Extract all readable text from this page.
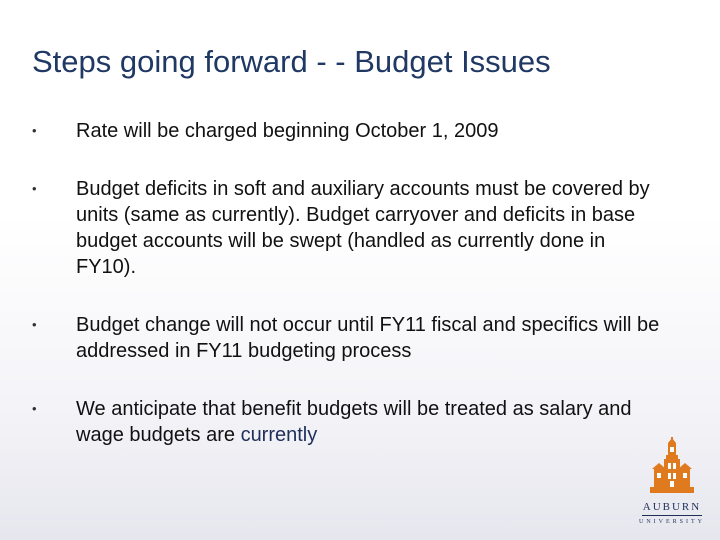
Steps going forward - - Budget Issues
• Rate will be charged beginning October 1, 2009
• Budget deficits in soft and auxiliary accounts must be covered by units (same as currently). Budget carryover and deficits in base budget accounts will be swept (handled as currently done in FY10).
• Budget change will not occur until FY11 fiscal and specifics will be addressed in FY11 budgeting process
• We anticipate that benefit budgets will be treated as salary and wage budgets are currently
AUBURN
UNIVERSITY
